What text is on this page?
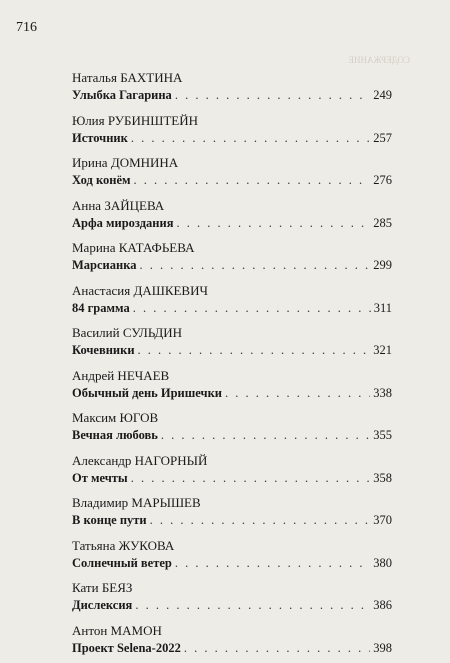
716
СОДЕРЖАНИЕ
Наталья БАХТИНА
Улыбка Гагарина . . .	249
Юлия РУБИНШТЕЙН
Источник . . .	257
Ирина ДОМНИНА
Ход конём . . .	276
Анна ЗАЙЦЕВА
Арфа мироздания . . .	285
Марина КАТАФЬЕВА
Марсианка . . .	299
Анастасия ДАШКЕВИЧ
84 грамма . . .	311
Василий СУЛЬДИН
Кочевники . . .	321
Андрей НЕЧАЕВ
Обычный день Иришечки . . .	338
Максим ЮГОВ
Вечная любовь . . .	355
Александр НАГОРНЫЙ
От мечты . . .	358
Владимир МАРЫШЕВ
В конце пути . . .	370
Татьяна ЖУКОВА
Солнечный ветер . . .	380
Кати БЕЯЗ
Дислексия . . .	386
Антон МАМОН
Проект Selena-2022 . . .	398
